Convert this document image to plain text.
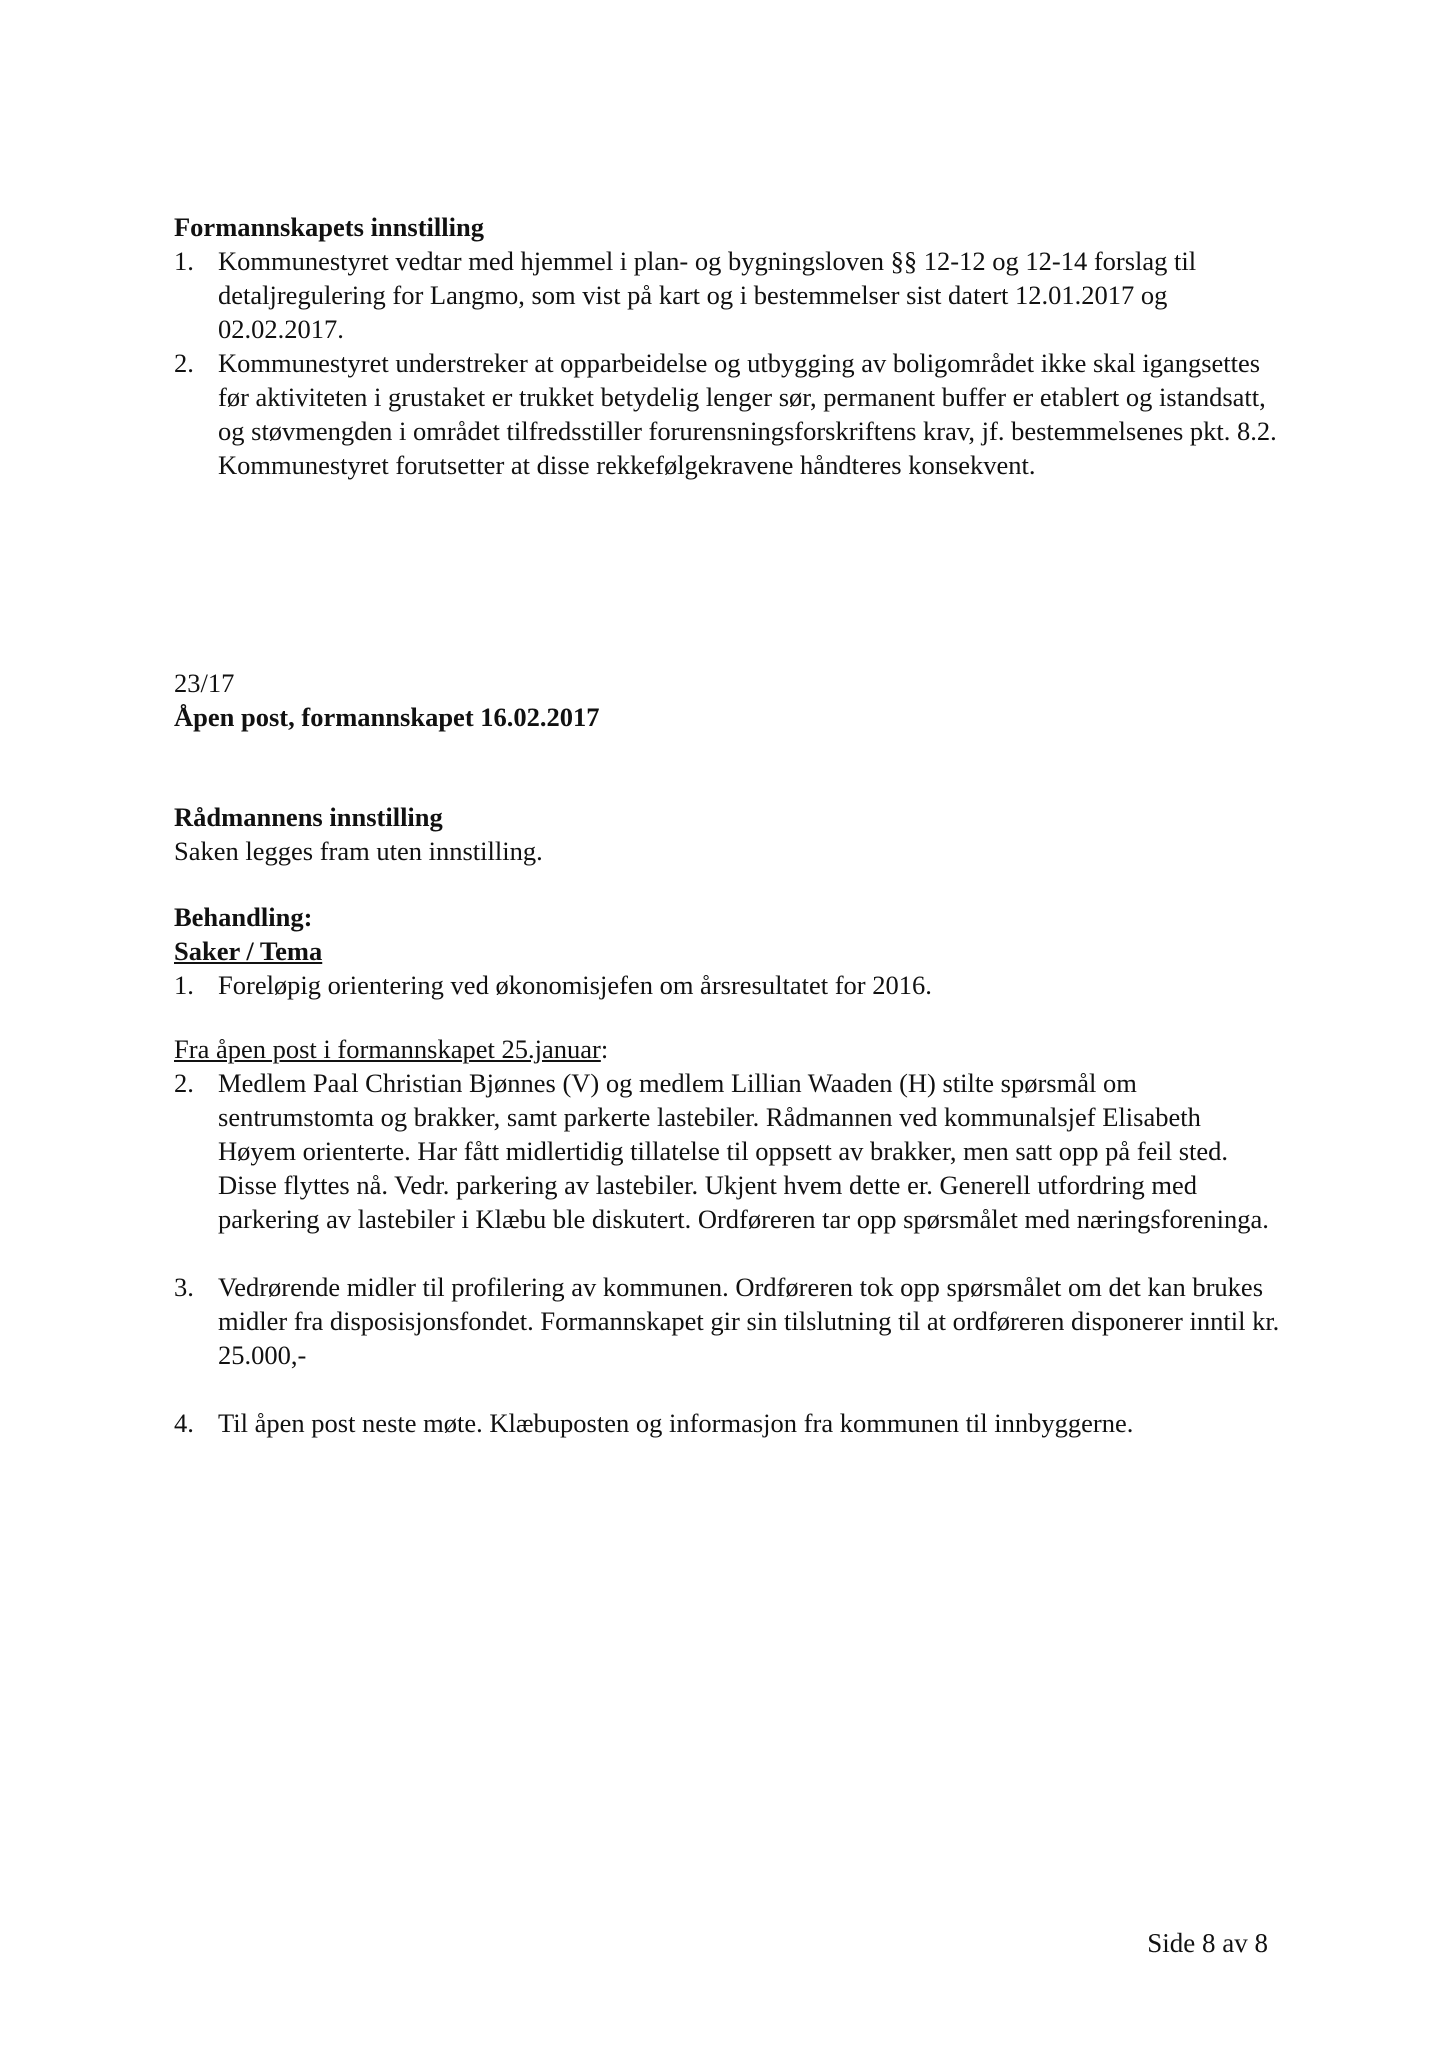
Formannskapets innstilling
1. Kommunestyret vedtar med hjemmel i plan- og bygningsloven §§ 12-12 og 12-14 forslag til detaljregulering for Langmo, som vist på kart og i bestemmelser sist datert 12.01.2017 og 02.02.2017.
2. Kommunestyret understreker at opparbeidelse og utbygging av boligområdet ikke skal igangsettes før aktiviteten i grustaket er trukket betydelig lenger sør, permanent buffer er etablert og istandsatt, og støvmengden i området tilfredsstiller forurensningsforskriftens krav, jf. bestemmelsenes pkt. 8.2. Kommunestyret forutsetter at disse rekkefølgekravene håndteres konsekvent.
23/17
Åpen post, formannskapet 16.02.2017
Rådmannens innstilling
Saken legges fram uten innstilling.
Behandling:
Saker / Tema
1. Foreløpig orientering ved økonomisjefen om årsresultatet for 2016.
Fra åpen post i formannskapet 25.januar:
2. Medlem Paal Christian Bjønnes (V) og medlem Lillian Waaden (H) stilte spørsmål om sentrumstomta og brakker, samt parkerte lastebiler. Rådmannen ved kommunalsjef Elisabeth Høyem orienterte. Har fått midlertidig tillatelse til oppsett av brakker, men satt opp på feil sted. Disse flyttes nå. Vedr. parkering av lastebiler. Ukjent hvem dette er. Generell utfordring med parkering av lastebiler i Klæbu ble diskutert. Ordføreren tar opp spørsmålet med næringsforeninga.
3. Vedrørende midler til profilering av kommunen. Ordføreren tok opp spørsmålet om det kan brukes midler fra disposisjonsfondet. Formannskapet gir sin tilslutning til at ordføreren disponerer inntil kr. 25.000,-
4. Til åpen post neste møte. Klæbuposten og informasjon fra kommunen til innbyggerne.
Side 8 av 8
